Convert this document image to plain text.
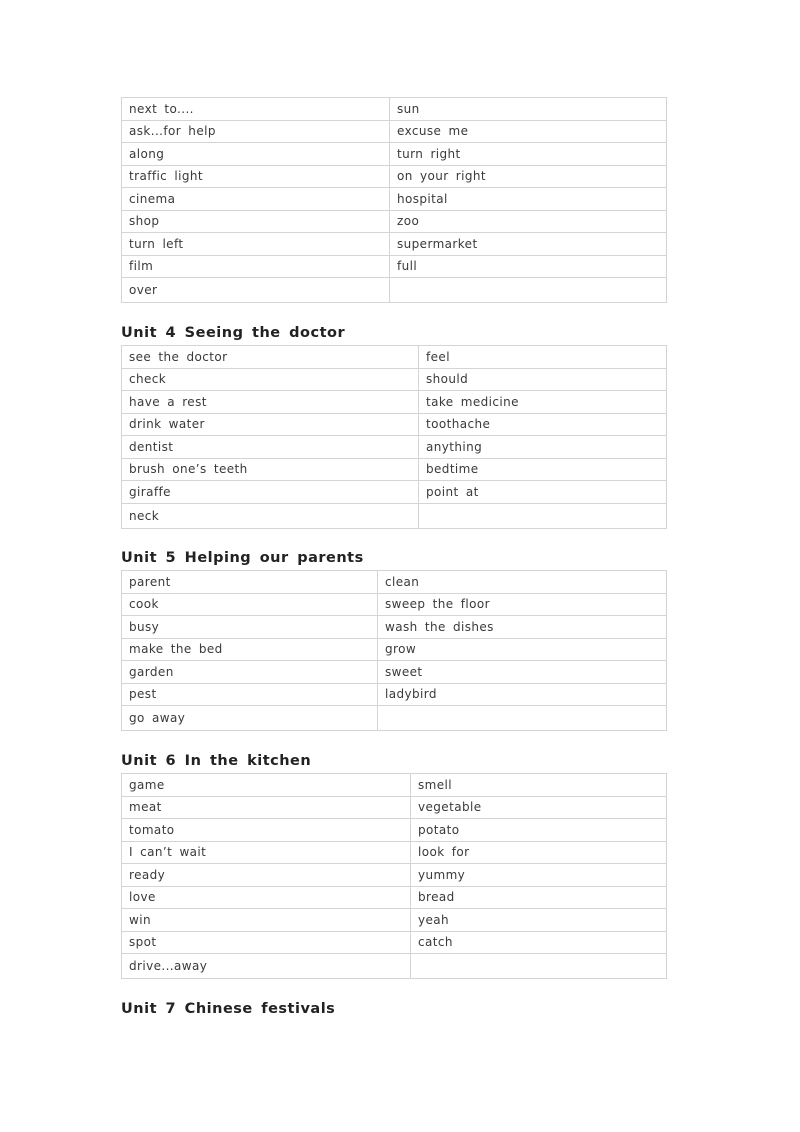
next to....	sun
ask...for help	excuse me
along	turn right
traffic light	on your right
cinema	hospital
shop	zoo
turn left	supermarket
film	full
over	
Unit 4 Seeing the doctor
see the doctor	feel
check	should
have a rest	take medicine
drink water	toothache
dentist	anything
brush one’s teeth	bedtime
giraffe	point at
neck	
Unit 5 Helping our parents
parent	clean
cook	sweep the floor
busy	wash the dishes
make the bed	grow
garden	sweet
pest	ladybird
go away	
Unit 6 In the kitchen
game	smell
meat	vegetable
tomato	potato
I can’t wait	look for
ready	yummy
love	bread
win	yeah
spot	catch
drive...away	
Unit 7 Chinese festivals
